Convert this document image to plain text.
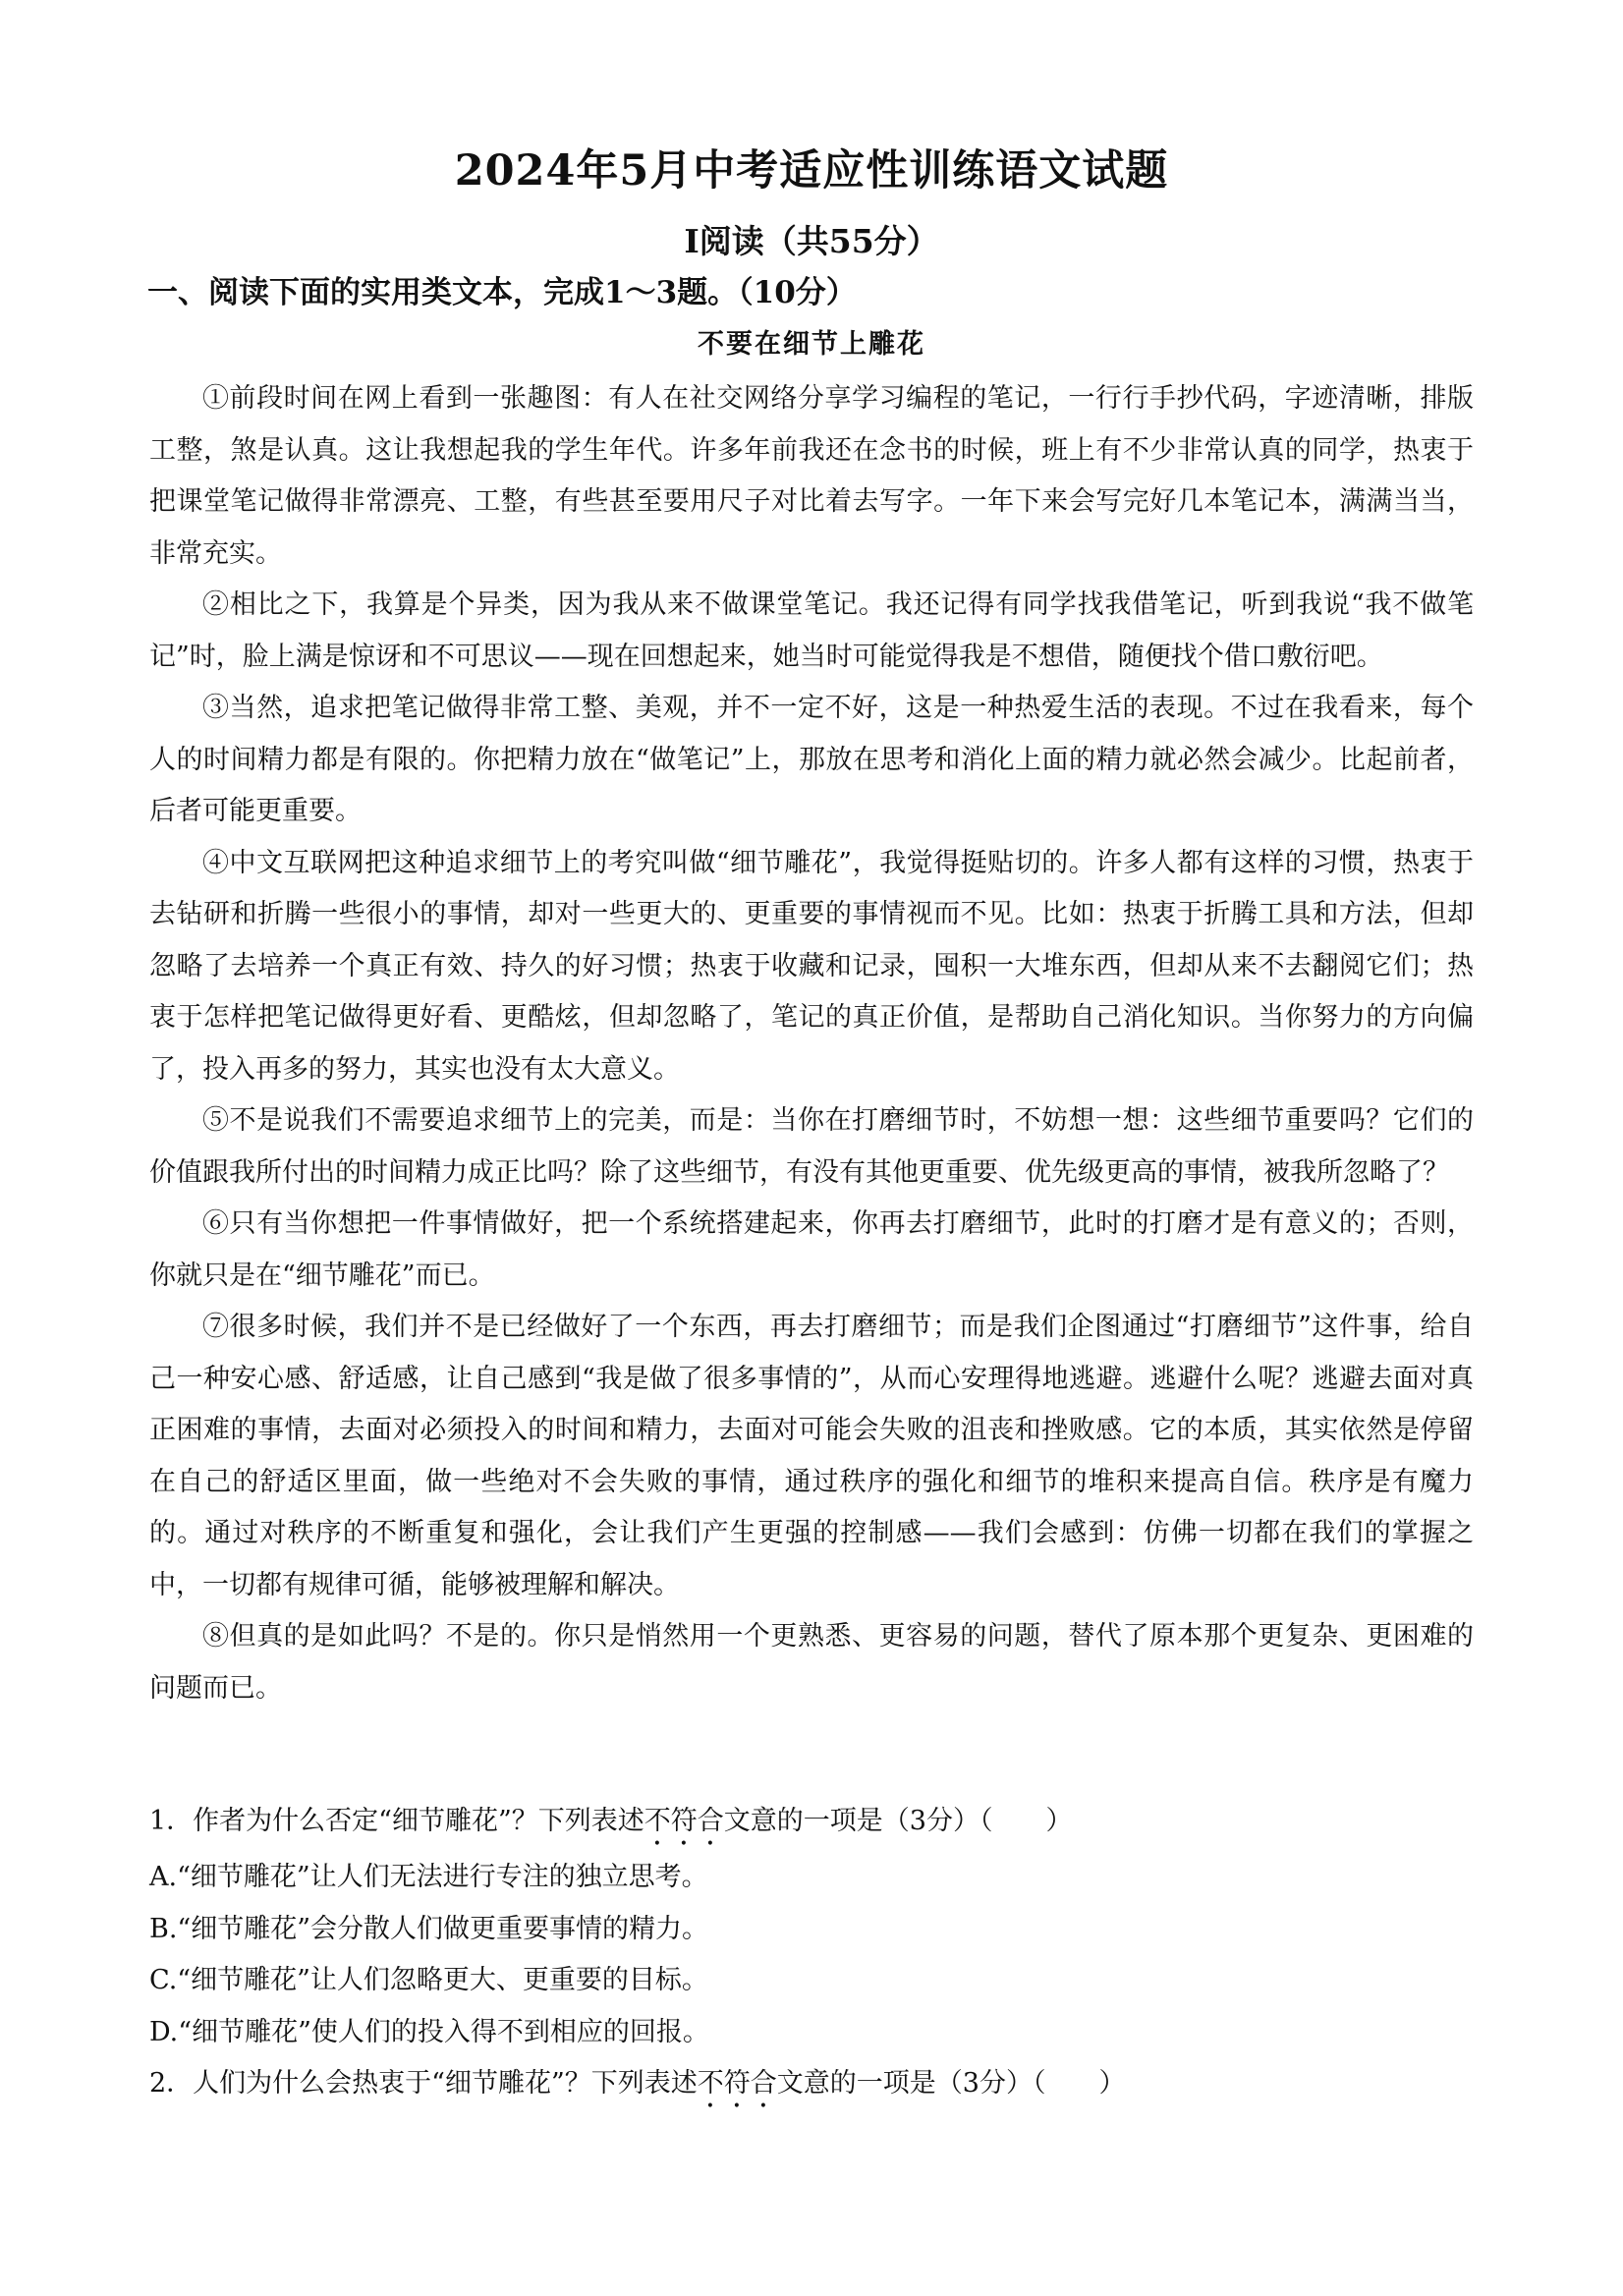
2024年5月中考适应性训练语文试题
Ⅰ阅读（共55分）
一、阅读下面的实用类文本，完成1～3题。（10分）
不要在细节上雕花

①前段时间在网上看到一张趣图：有人在社交网络分享学习编程的笔记，一行行手抄代码，字迹清晰，排版工整，煞是认真。这让我想起我的学生年代。许多年前我还在念书的时候，班上有不少非常认真的同学，热衷于把课堂笔记做得非常漂亮、工整，有些甚至要用尺子对比着去写字。一年下来会写完好几本笔记本，满满当当，非常充实。

②相比之下，我算是个异类，因为我从来不做课堂笔记。我还记得有同学找我借笔记，听到我说“我不做笔记”时，脸上满是惊讶和不可思议——现在回想起来，她当时可能觉得我是不想借，随便找个借口敷衍吧。

③当然，追求把笔记做得非常工整、美观，并不一定不好，这是一种热爱生活的表现。不过在我看来，每个人的时间精力都是有限的。你把精力放在“做笔记”上，那放在思考和消化上面的精力就必然会减少。比起前者，后者可能更重要。

④中文互联网把这种追求细节上的考究叫做“细节雕花”，我觉得挺贴切的。许多人都有这样的习惯，热衷于去钻研和折腾一些很小的事情，却对一些更大的、更重要的事情视而不见。比如：热衷于折腾工具和方法，但却忽略了去培养一个真正有效、持久的好习惯；热衷于收藏和记录，囤积一大堆东西，但却从来不去翻阅它们；热衷于怎样把笔记做得更好看、更酷炫，但却忽略了，笔记的真正价值，是帮助自己消化知识。当你努力的方向偏了，投入再多的努力，其实也没有太大意义。

⑤不是说我们不需要追求细节上的完美，而是：当你在打磨细节时，不妨想一想：这些细节重要吗？它们的价值跟我所付出的时间精力成正比吗？除了这些细节，有没有其他更重要、优先级更高的事情，被我所忽略了？

⑥只有当你想把一件事情做好，把一个系统搭建起来，你再去打磨细节，此时的打磨才是有意义的；否则，你就只是在“细节雕花”而已。

⑦很多时候，我们并不是已经做好了一个东西，再去打磨细节；而是我们企图通过“打磨细节”这件事，给自己一种安心感、舒适感，让自己感到“我是做了很多事情的”，从而心安理得地逃避。逃避什么呢？逃避去面对真正困难的事情，去面对必须投入的时间和精力，去面对可能会失败的沮丧和挫败感。它的本质，其实依然是停留在自己的舒适区里面，做一些绝对不会失败的事情，通过秩序的强化和细节的堆积来提高自信。秩序是有魔力的。通过对秩序的不断重复和强化，会让我们产生更强的控制感——我们会感到：仿佛一切都在我们的掌握之中，一切都有规律可循，能够被理解和解决。

⑧但真的是如此吗？不是的。你只是悄然用一个更熟悉、更容易的问题，替代了原本那个更复杂、更困难的问题而已。

1．作者为什么否定“细节雕花”？下列表述不符合文意的一项是（3分）（　　）
A.“细节雕花”让人们无法进行专注的独立思考。
B.“细节雕花”会分散人们做更重要事情的精力。
C.“细节雕花”让人们忽略更大、更重要的目标。
D.“细节雕花”使人们的投入得不到相应的回报。
2．人们为什么会热衷于“细节雕花”？下列表述不符合文意的一项是（3分）（　　）
